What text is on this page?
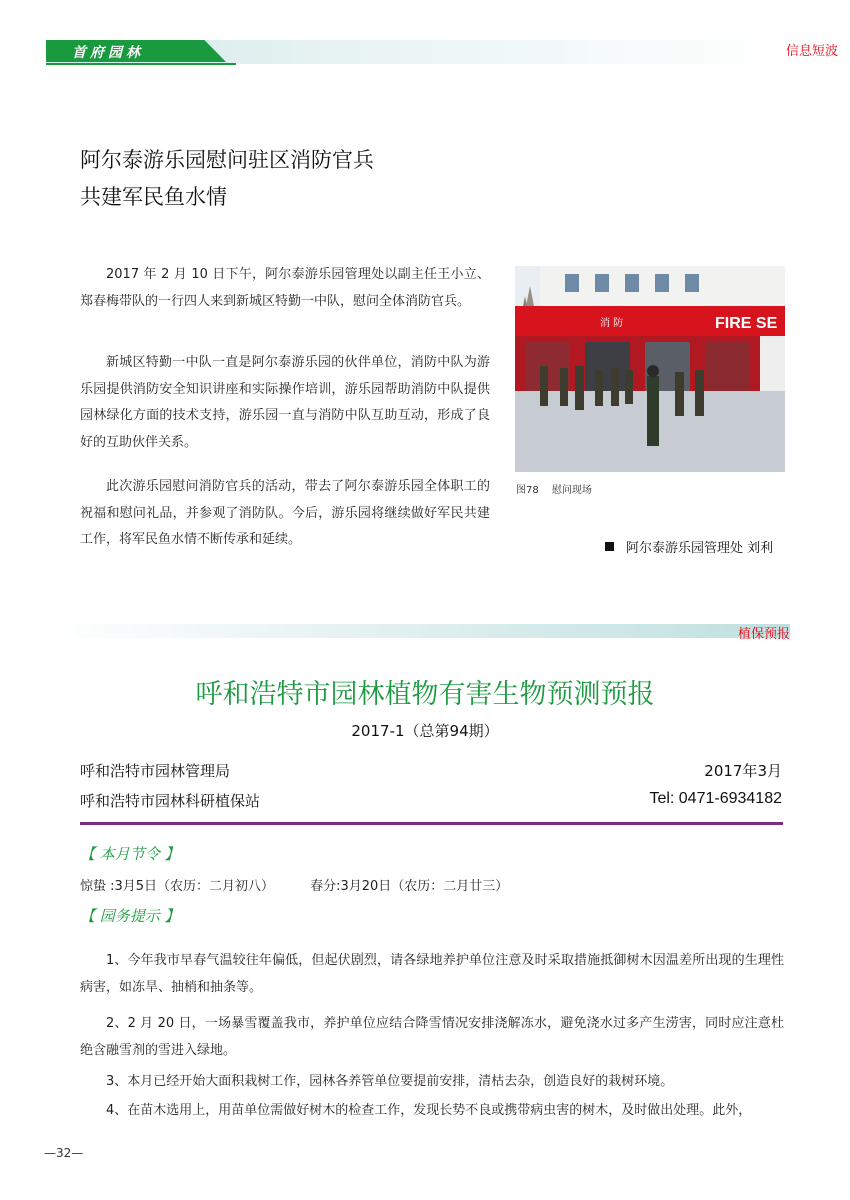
首府园林	信息短波
阿尔泰游乐园慰问驻区消防官兵
共建军民鱼水情
2017 年 2 月 10 日下午，阿尔泰游乐园管理处以副主任王小立、郑春梅带队的一行四人来到新城区特勤一中队，慰问全体消防官兵。
新城区特勤一中队一直是阿尔泰游乐园的伙伴单位，消防中队为游乐园提供消防安全知识讲座和实际操作培训，游乐园帮助消防中队提供园林绿化方面的技术支持，游乐园一直与消防中队互助互动，形成了良好的互助伙伴关系。
此次游乐园慰问消防官兵的活动，带去了阿尔泰游乐园全体职工的祝福和慰问礼品，并参观了消防队。今后，游乐园将继续做好军民共建工作，将军民鱼水情不断传承和延续。
FIRE SE
消 防
图78　 慰问现场
阿尔泰游乐园管理处 刘利
植保预报
呼和浩特市园林植物有害生物预测预报
2017-1（总第94期）
呼和浩特市园林管理局	2017年3月
呼和浩特市园林科研植保站	Tel: 0471-6934182
【 本月节令 】
惊蛰 :3月5日（农历：二月初八）	春分:3月20日（农历：二月廿三）
【 园务提示 】
1、今年我市早春气温较往年偏低，但起伏剧烈，请各绿地养护单位注意及时采取措施抵御树木因温差所出现的生理性病害，如冻旱、抽梢和抽条等。
2、2 月 20 日，一场暴雪覆盖我市，养护单位应结合降雪情况安排浇解冻水，避免浇水过多产生涝害，同时应注意杜绝含融雪剂的雪进入绿地。
3、本月已经开始大面积栽树工作，园林各养管单位要提前安排，清枯去杂，创造良好的栽树环境。
4、在苗木选用上，用苗单位需做好树木的检查工作，发现长势不良或携带病虫害的树木，及时做出处理。此外，
—32—
